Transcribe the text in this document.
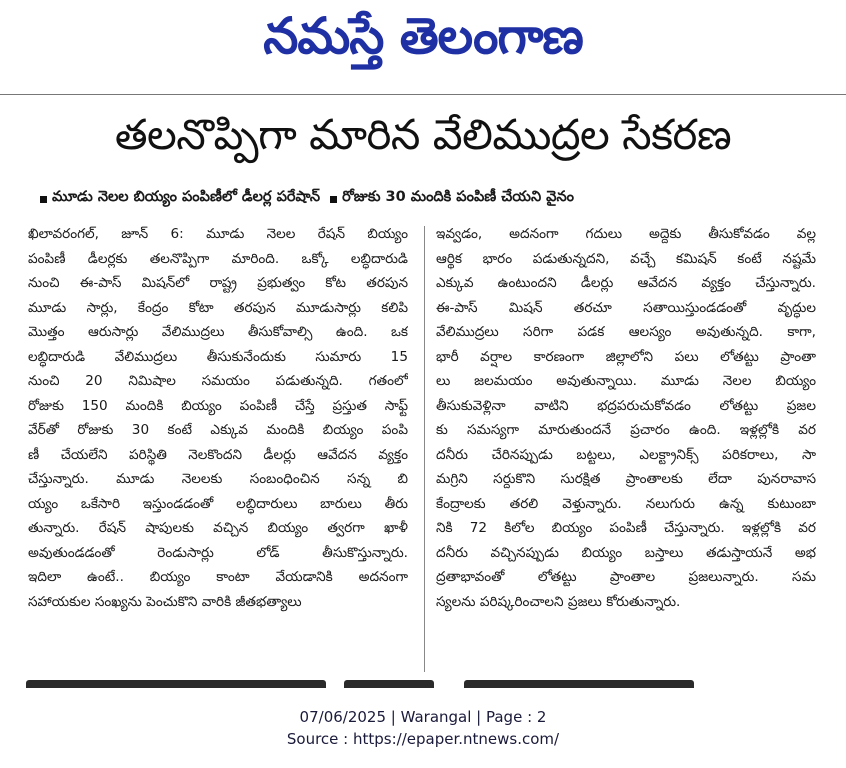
నమస్తే తెలంగాణ
తలనొప్పిగా మారిన వేలిముద్రల సేకరణ
మూడు నెలల బియ్యం పంపిణీలో డీలర్ల పరేషాన్ రోజుకు 30 మందికి పంపిణీ చేయని వైనం
ఖిలావరంగల్‌, జూన్‌ 6: మూడు నెలల రేషన్‌ బియ్యం
పంపిణీ డీలర్లకు తలనొప్పిగా మారింది. ఒక్కో లబ్ధిదారుడి
నుంచి ఈ-పాస్‌ మిషన్‌లో రాష్ట్ర ప్రభుత్వం కోట తరపున
మూడు సార్లు, కేంద్రం కోటా తరపున మూడుసార్లు కలిపి
మొత్తం ఆరుసార్లు వేలిముద్రలు తీసుకోవాల్సి ఉంది. ఒక
లబ్ధిదారుడి వేలిముద్రలు తీసుకునేందుకు సుమారు 15
నుంచి 20 నిమిషాల సమయం పడుతున్నది. గతంలో
రోజుకు 150 మందికి బియ్యం పంపిణీ చేస్తే ప్రస్తుత సాఫ్ట్‌
వేర్‌తో రోజుకు 30 కంటే ఎక్కువ మందికి బియ్యం పంపి
ణీ చేయలేని పరిస్థితి నెలకొందని డీలర్లు ఆవేదన వ్యక్తం
చేస్తున్నారు. మూడు నెలలకు సంబంధించిన సన్న బి
య్యం ఒకేసారి ఇస్తుండడంతో లబ్ధిదారులు బారులు తీరు
తున్నారు. రేషన్‌ షాపులకు వచ్చిన బియ్యం త్వరగా ఖాళీ
అవుతుండడంతో రెండుసార్లు లోడ్‌ తీసుకొస్తున్నారు.
ఇదిలా ఉంటే.. బియ్యం కాంటా వేయడానికి అదనంగా
సహాయకుల సంఖ్యను పెంచుకొని వారికి జీతభత్యాలు
ఇవ్వడం, అదనంగా గదులు అద్దెకు తీసుకోవడం వల్ల
ఆర్థిక భారం పడుతున్నదని, వచ్చే కమిషన్‌ కంటే నష్టమే
ఎక్కువ ఉంటుందని డీలర్లు ఆవేదన వ్యక్తం చేస్తున్నారు.
ఈ-పాస్‌ మిషన్‌ తరచూ సతాయిస్తుండడంతో వృద్ధుల
వేలిముద్రలు సరిగా పడక ఆలస్యం అవుతున్నది. కాగా,
భారీ వర్షాల కారణంగా జిల్లాలోని పలు లోతట్టు ప్రాంతా
లు జలమయం అవుతున్నాయి. మూడు నెలల బియ్యం
తీసుకువెళ్లినా వాటిని భద్రపరుచుకోవడం లోతట్టు ప్రజల
కు సమస్యగా మారుతుందనే ప్రచారం ఉంది. ఇళ్లల్లోకి వర
దనీరు చేరినప్పుడు బట్టలు, ఎలక్ట్రానిక్స్‌ పరికరాలు, సా
మగ్రిని సర్దుకొని సురక్షిత ప్రాంతాలకు లేదా పునరావాస
కేంద్రాలకు తరలి వెళ్తున్నారు. నలుగురు ఉన్న కుటుంబా
నికి 72 కిలోల బియ్యం పంపిణీ చేస్తున్నారు. ఇళ్లల్లోకి వర
దనీరు వచ్చినప్పుడు బియ్యం బస్తాలు తడుస్తాయనే అభ
ద్రతాభావంతో లోతట్టు ప్రాంతాల ప్రజలున్నారు. సమ
స్యలను పరిష్కరించాలని ప్రజలు కోరుతున్నారు.
07/06/2025 | Warangal | Page : 2
Source : https://epaper.ntnews.com/
